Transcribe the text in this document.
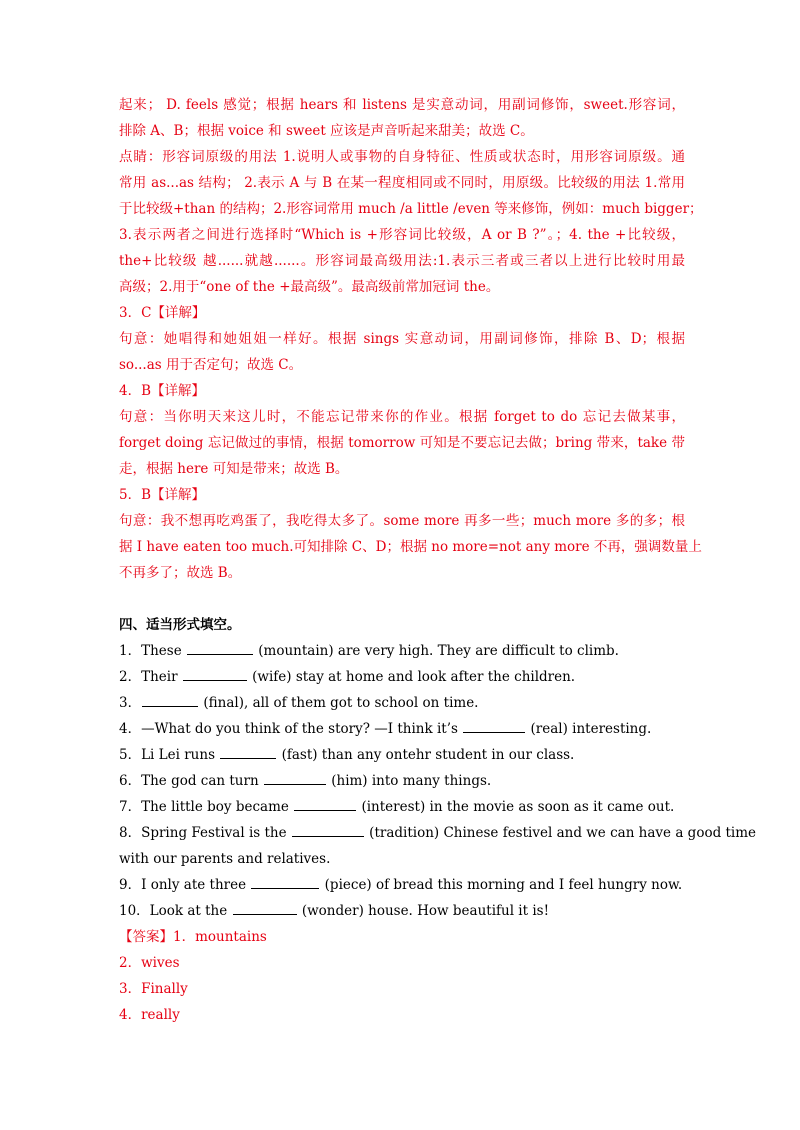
起来； D. feels 感觉；根据 hears 和 listens 是实意动词，用副词修饰，sweet.形容词，
排除 A、B；根据 voice 和 sweet 应该是声音听起来甜美；故选 C。
点睛：形容词原级的用法 1.说明人或事物的自身特征、性质或状态时，用形容词原级。通
常用 as...as 结构； 2.表示 A 与 B 在某一程度相同或不同时，用原级。比较级的用法 1.常用
于比较级+than 的结构；2.形容词常用 much /a little /even 等来修饰，例如：much bigger；
3.表示两者之间进行选择时“Which is +形容词比较级，A or B ?”。；4. the +比较级，
the+比较级 越......就越......。形容词最高级用法:1.表示三者或三者以上进行比较时用最
高级；2.用于“one of the +最高级”。最高级前常加冠词 the。
3．C【详解】
句意：她唱得和她姐姐一样好。根据 sings 实意动词，用副词修饰，排除 B、D；根据
so...as 用于否定句；故选 C。
4．B【详解】
句意：当你明天来这儿时，不能忘记带来你的作业。根据 forget to do 忘记去做某事，
forget doing 忘记做过的事情，根据 tomorrow 可知是不要忘记去做；bring 带来，take 带
走，根据 here 可知是带来；故选 B。
5．B【详解】
句意：我不想再吃鸡蛋了，我吃得太多了。some more 再多一些；much more 多的多；根
据 I have eaten too much.可知排除 C、D；根据 no more=not any more 不再，强调数量上
不再多了；故选 B。
四、适当形式填空。
1．These	(mountain) are very high. They are difficult to climb.
2．Their	(wife) stay at home and look after the children.
3．	(final), all of them got to school on time.
4．—What do you think of the story? —I think it’s	(real) interesting.
5．Li Lei runs	(fast) than any ontehr student in our class.
6．The god can turn	(him) into many things.
7．The little boy became	(interest) in the movie as soon as it came out.
8．Spring Festival is the	(tradition) Chinese festivel and we can have a good time
with our parents and relatives.
9．I only ate three	(piece) of bread this morning and I feel hungry now.
10．Look at the	(wonder) house. How beautiful it is!
【答案】1．mountains
2．wives
3．Finally
4．really
